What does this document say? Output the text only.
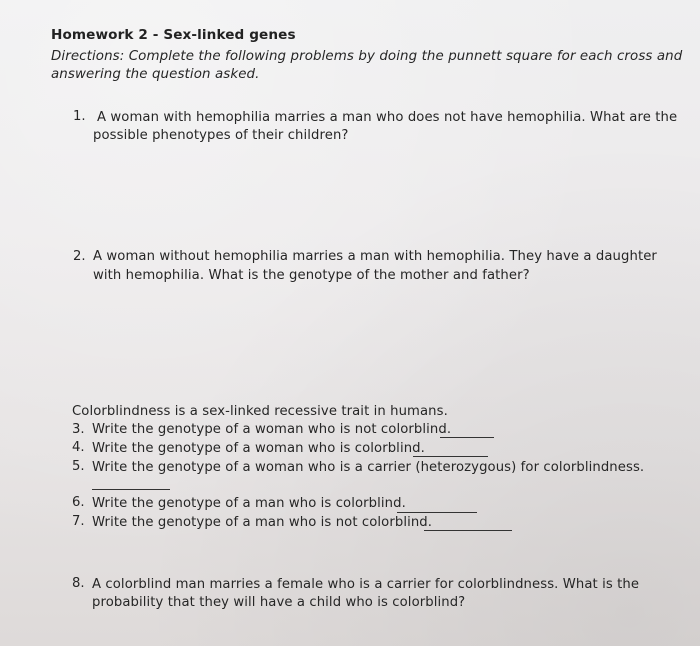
Homework 2 - Sex-linked genes
Directions: Complete the following problems by doing the punnett square for each cross and
answering the question asked.
1. A woman with hemophilia marries a man who does not have hemophilia. What are the
possible phenotypes of their children?
2. A woman without hemophilia marries a man with hemophilia. They have a daughter
with hemophilia. What is the genotype of the mother and father?
Colorblindness is a sex-linked recessive trait in humans.
3. Write the genotype of a woman who is not colorblind.
4. Write the genotype of a woman who is colorblind.
5. Write the genotype of a woman who is a carrier (heterozygous) for colorblindness.
6. Write the genotype of a man who is colorblind.
7. Write the genotype of a man who is not colorblind.
8. A colorblind man marries a female who is a carrier for colorblindness. What is the
probability that they will have a child who is colorblind?
